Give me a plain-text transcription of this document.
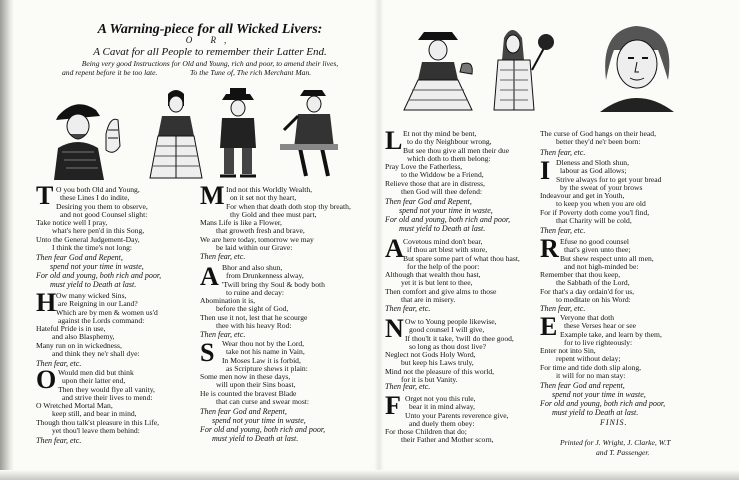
A Warning-piece for all Wicked Livers:
O R,
A Cavat for all People to remember their Latter End.
Being very good Instructions for Old and Young, rich and poor, to amend their lives,
and repent before it be too late.	To the Tune of, The rich Merchant Man.
T O you both Old and Young,
these Lines I do indite,
Desiring you them to observe,
and not good Counsel slight:
Take notice well I pray,
what's here pen'd in this Song,
Unto the General Judgement-Day,
I think the time's not long:
Then fear God and Repent,
spend not your time in waste,
For old and young, both rich and poor,
must yield to Death at last.
H Ow many wicked Sins,
are Reigning in our Land?
Which are by men & women us'd
against the Lords command:
Hateful Pride is in use,
and also Blasphemy,
Many run on in wickedness,
and think they ne'r shall dye:
Then fear, etc.
O Would men did but think
upon their latter end,
Then they would flye all vanity,
and strive their lives to mend:
O Wretched Mortal Man,
keep still, and bear in mind,
Though thou talk'st pleasure in this Life,
yet thou'l leave them behind:
Then fear, etc.
M Ind not this Worldly Wealth,
on it set not thy heart,
For when that death doth stop thy breath,
thy Gold and thee must part,
Mans Life is like a Flower,
that groweth fresh and brave,
We are here today, tomorrow we may
be laid within our Grave:
Then fear, etc.
A Bhor and also shun,
from Drunkenness alway,
'Twill bring thy Soul & body both
to ruine and decay:
Abomination it is,
before the sight of God,
Then use it not, lest that he scourge
thee with his heavy Rod:
Then fear, etc.
S Wear thou not by the Lord,
take not his name in Vain,
In Moses Law it is forbid,
as Scripture shews it plain:
Some men now in these days,
will upon their Sins boast,
He is counted the bravest Blade
that can curse and swear most:
Then fear God and Repent,
spend not your time in waste,
For old and young, both rich and poor,
must yield to Death at last.
L Et not thy mind be bent,
to do thy Neighbour wrong,
But see thou give all men their due
which doth to them belong:
Pray Love the Fatherless,
to the Widdow be a Friend,
Relieve those that are in distress,
then God will thee defend:
Then fear God and Repent,
spend not your time in waste,
For old and young, both rich and poor,
must yield to Death at last.
A Covetous mind don't bear,
if thou art blest with store,
But spare some part of what thou hast,
for the help of the poor:
Although that wealth thou hast,
yet it is but lent to thee,
Then comfort and give alms to those
that are in misery.
Then fear, etc.
N Ow to Young people likewise,
good counsel I will give,
If thou'lt it take, 'twill do thee good,
so long as thou dost live?
Neglect not Gods Holy Word,
but keep his Laws truly,
Mind not the pleasure of this world,
for it is but Vanity.
Then fear, etc.
F Orget not you this rule,
bear it in mind alway,
Unto your Parents reverence give,
and duely them obey:
For those Children that do;
their Father and Mother scorn,
The curse of God hangs on their head,
better they'd ne'r been born:
Then fear, etc.
I Dleness and Sloth shun,
labour as God allows;
Strive always for to get your bread
by the sweat of your brows
Indeavour and get in Youth,
to keep you when you are old
For if Poverty doth come you'l find,
that Charity will be cold,
Then fear, etc.
R Efuse no good counsel
that's given unto thee;
But shew respect unto all men,
and not high-minded be:
Remember that thou keep,
the Sabbath of the Lord,
For that's a day ordain'd for us,
to meditate on his Word:
Then fear, etc.
E Veryone that doth
these Verses hear or see
Example take, and learn by them,
for to live righteously:
Enter not into Sin,
repent without delay;
For time and tide doth slip along,
it will for no man stay:
Then fear God and repent,
spend not your time in waste,
For old and young, both rich and poor,
must yield to Death at last.
FINIS.
Printed for J. Wright, J. Clarke, W.T
and T. Passenger.
